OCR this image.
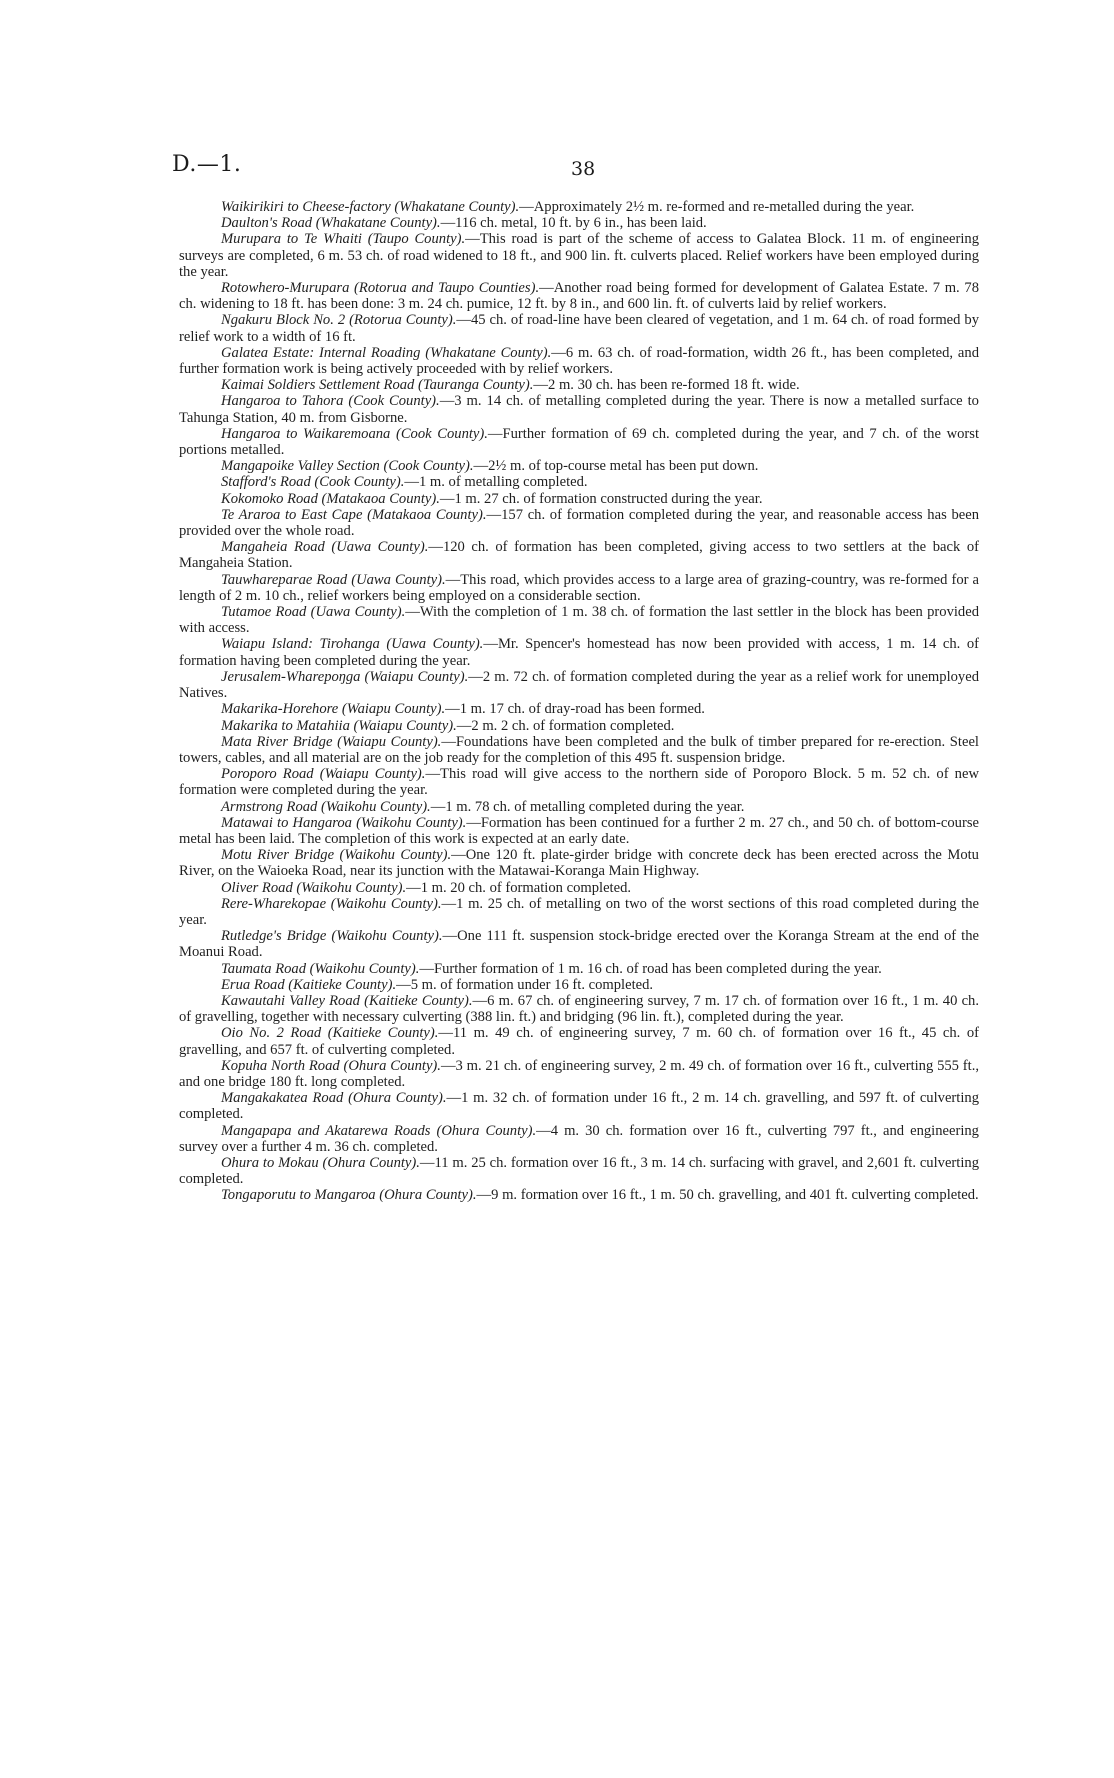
D.—1.	38

Waikirikiri to Cheese-factory (Whakatane County).—Approximately 2½ m. re-formed and re-metalled during the year.

Daulton's Road (Whakatane County).—116 ch. metal, 10 ft. by 6 in., has been laid.

Murupara to Te Whaiti (Taupo County).—This road is part of the scheme of access to Galatea Block. 11 m. of engineering surveys are completed, 6 m. 53 ch. of road widened to 18 ft., and 900 lin. ft. culverts placed. Relief workers have been employed during the year.

Rotowhero-Murupara (Rotorua and Taupo Counties).—Another road being formed for development of Galatea Estate. 7 m. 78 ch. widening to 18 ft. has been done: 3 m. 24 ch. pumice, 12 ft. by 8 in., and 600 lin. ft. of culverts laid by relief workers.

Ngakuru Block No. 2 (Rotorua County).—45 ch. of road-line have been cleared of vegetation, and 1 m. 64 ch. of road formed by relief work to a width of 16 ft.

Galatea Estate: Internal Roading (Whakatane County).—6 m. 63 ch. of road-formation, width 26 ft., has been completed, and further formation work is being actively proceeded with by relief workers.

Kaimai Soldiers Settlement Road (Tauranga County).—2 m. 30 ch. has been re-formed 18 ft. wide.

Hangaroa to Tahora (Cook County).—3 m. 14 ch. of metalling completed during the year. There is now a metalled surface to Tahunga Station, 40 m. from Gisborne.

Hangaroa to Waikaremoana (Cook County).—Further formation of 69 ch. completed during the year, and 7 ch. of the worst portions metalled.

Mangapoike Valley Section (Cook County).—2½ m. of top-course metal has been put down.

Stafford's Road (Cook County).—1 m. of metalling completed.

Kokomoko Road (Matakaoa County).—1 m. 27 ch. of formation constructed during the year.

Te Araroa to East Cape (Matakaoa County).—157 ch. of formation completed during the year, and reasonable access has been provided over the whole road.

Mangaheia Road (Uawa County).—120 ch. of formation has been completed, giving access to two settlers at the back of Mangaheia Station.

Tauwhareparae Road (Uawa County).—This road, which provides access to a large area of grazing-country, was re-formed for a length of 2 m. 10 ch., relief workers being employed on a considerable section.

Tutamoe Road (Uawa County).—With the completion of 1 m. 38 ch. of formation the last settler in the block has been provided with access.

Waiapu Island: Tirohanga (Uawa County).—Mr. Spencer's homestead has now been provided with access, 1 m. 14 ch. of formation having been completed during the year.

Jerusalem-Wharepoŋga (Waiapu County).—2 m. 72 ch. of formation completed during the year as a relief work for unemployed Natives.

Makarika-Horehore (Waiapu County).—1 m. 17 ch. of dray-road has been formed.

Makarika to Matahiia (Waiapu County).—2 m. 2 ch. of formation completed.

Mata River Bridge (Waiapu County).—Foundations have been completed and the bulk of timber prepared for re-erection. Steel towers, cables, and all material are on the job ready for the completion of this 495 ft. suspension bridge.

Poroporo Road (Waiapu County).—This road will give access to the northern side of Poroporo Block. 5 m. 52 ch. of new formation were completed during the year.

Armstrong Road (Waikohu County).—1 m. 78 ch. of metalling completed during the year.

Matawai to Hangaroa (Waikohu County).—Formation has been continued for a further 2 m. 27 ch., and 50 ch. of bottom-course metal has been laid. The completion of this work is expected at an early date.

Motu River Bridge (Waikohu County).—One 120 ft. plate-girder bridge with concrete deck has been erected across the Motu River, on the Waioeka Road, near its junction with the Matawai-Koranga Main Highway.

Oliver Road (Waikohu County).—1 m. 20 ch. of formation completed.

Rere-Wharekopae (Waikohu County).—1 m. 25 ch. of metalling on two of the worst sections of this road completed during the year.

Rutledge's Bridge (Waikohu County).—One 111 ft. suspension stock-bridge erected over the Koranga Stream at the end of the Moanui Road.

Taumata Road (Waikohu County).—Further formation of 1 m. 16 ch. of road has been completed during the year.

Erua Road (Kaitieke County).—5 m. of formation under 16 ft. completed.

Kawautahi Valley Road (Kaitieke County).—6 m. 67 ch. of engineering survey, 7 m. 17 ch. of formation over 16 ft., 1 m. 40 ch. of gravelling, together with necessary culverting (388 lin. ft.) and bridging (96 lin. ft.), completed during the year.

Oio No. 2 Road (Kaitieke County).—11 m. 49 ch. of engineering survey, 7 m. 60 ch. of formation over 16 ft., 45 ch. of gravelling, and 657 ft. of culverting completed.

Kopuha North Road (Ohura County).—3 m. 21 ch. of engineering survey, 2 m. 49 ch. of formation over 16 ft., culverting 555 ft., and one bridge 180 ft. long completed.

Mangakakatea Road (Ohura County).—1 m. 32 ch. of formation under 16 ft., 2 m. 14 ch. gravelling, and 597 ft. of culverting completed.

Mangapapa and Akatarewa Roads (Ohura County).—4 m. 30 ch. formation over 16 ft., culverting 797 ft., and engineering survey over a further 4 m. 36 ch. completed.

Ohura to Mokau (Ohura County).—11 m. 25 ch. formation over 16 ft., 3 m. 14 ch. surfacing with gravel, and 2,601 ft. culverting completed.

Tongaporutu to Mangaroa (Ohura County).—9 m. formation over 16 ft., 1 m. 50 ch. gravelling, and 401 ft. culverting completed.
